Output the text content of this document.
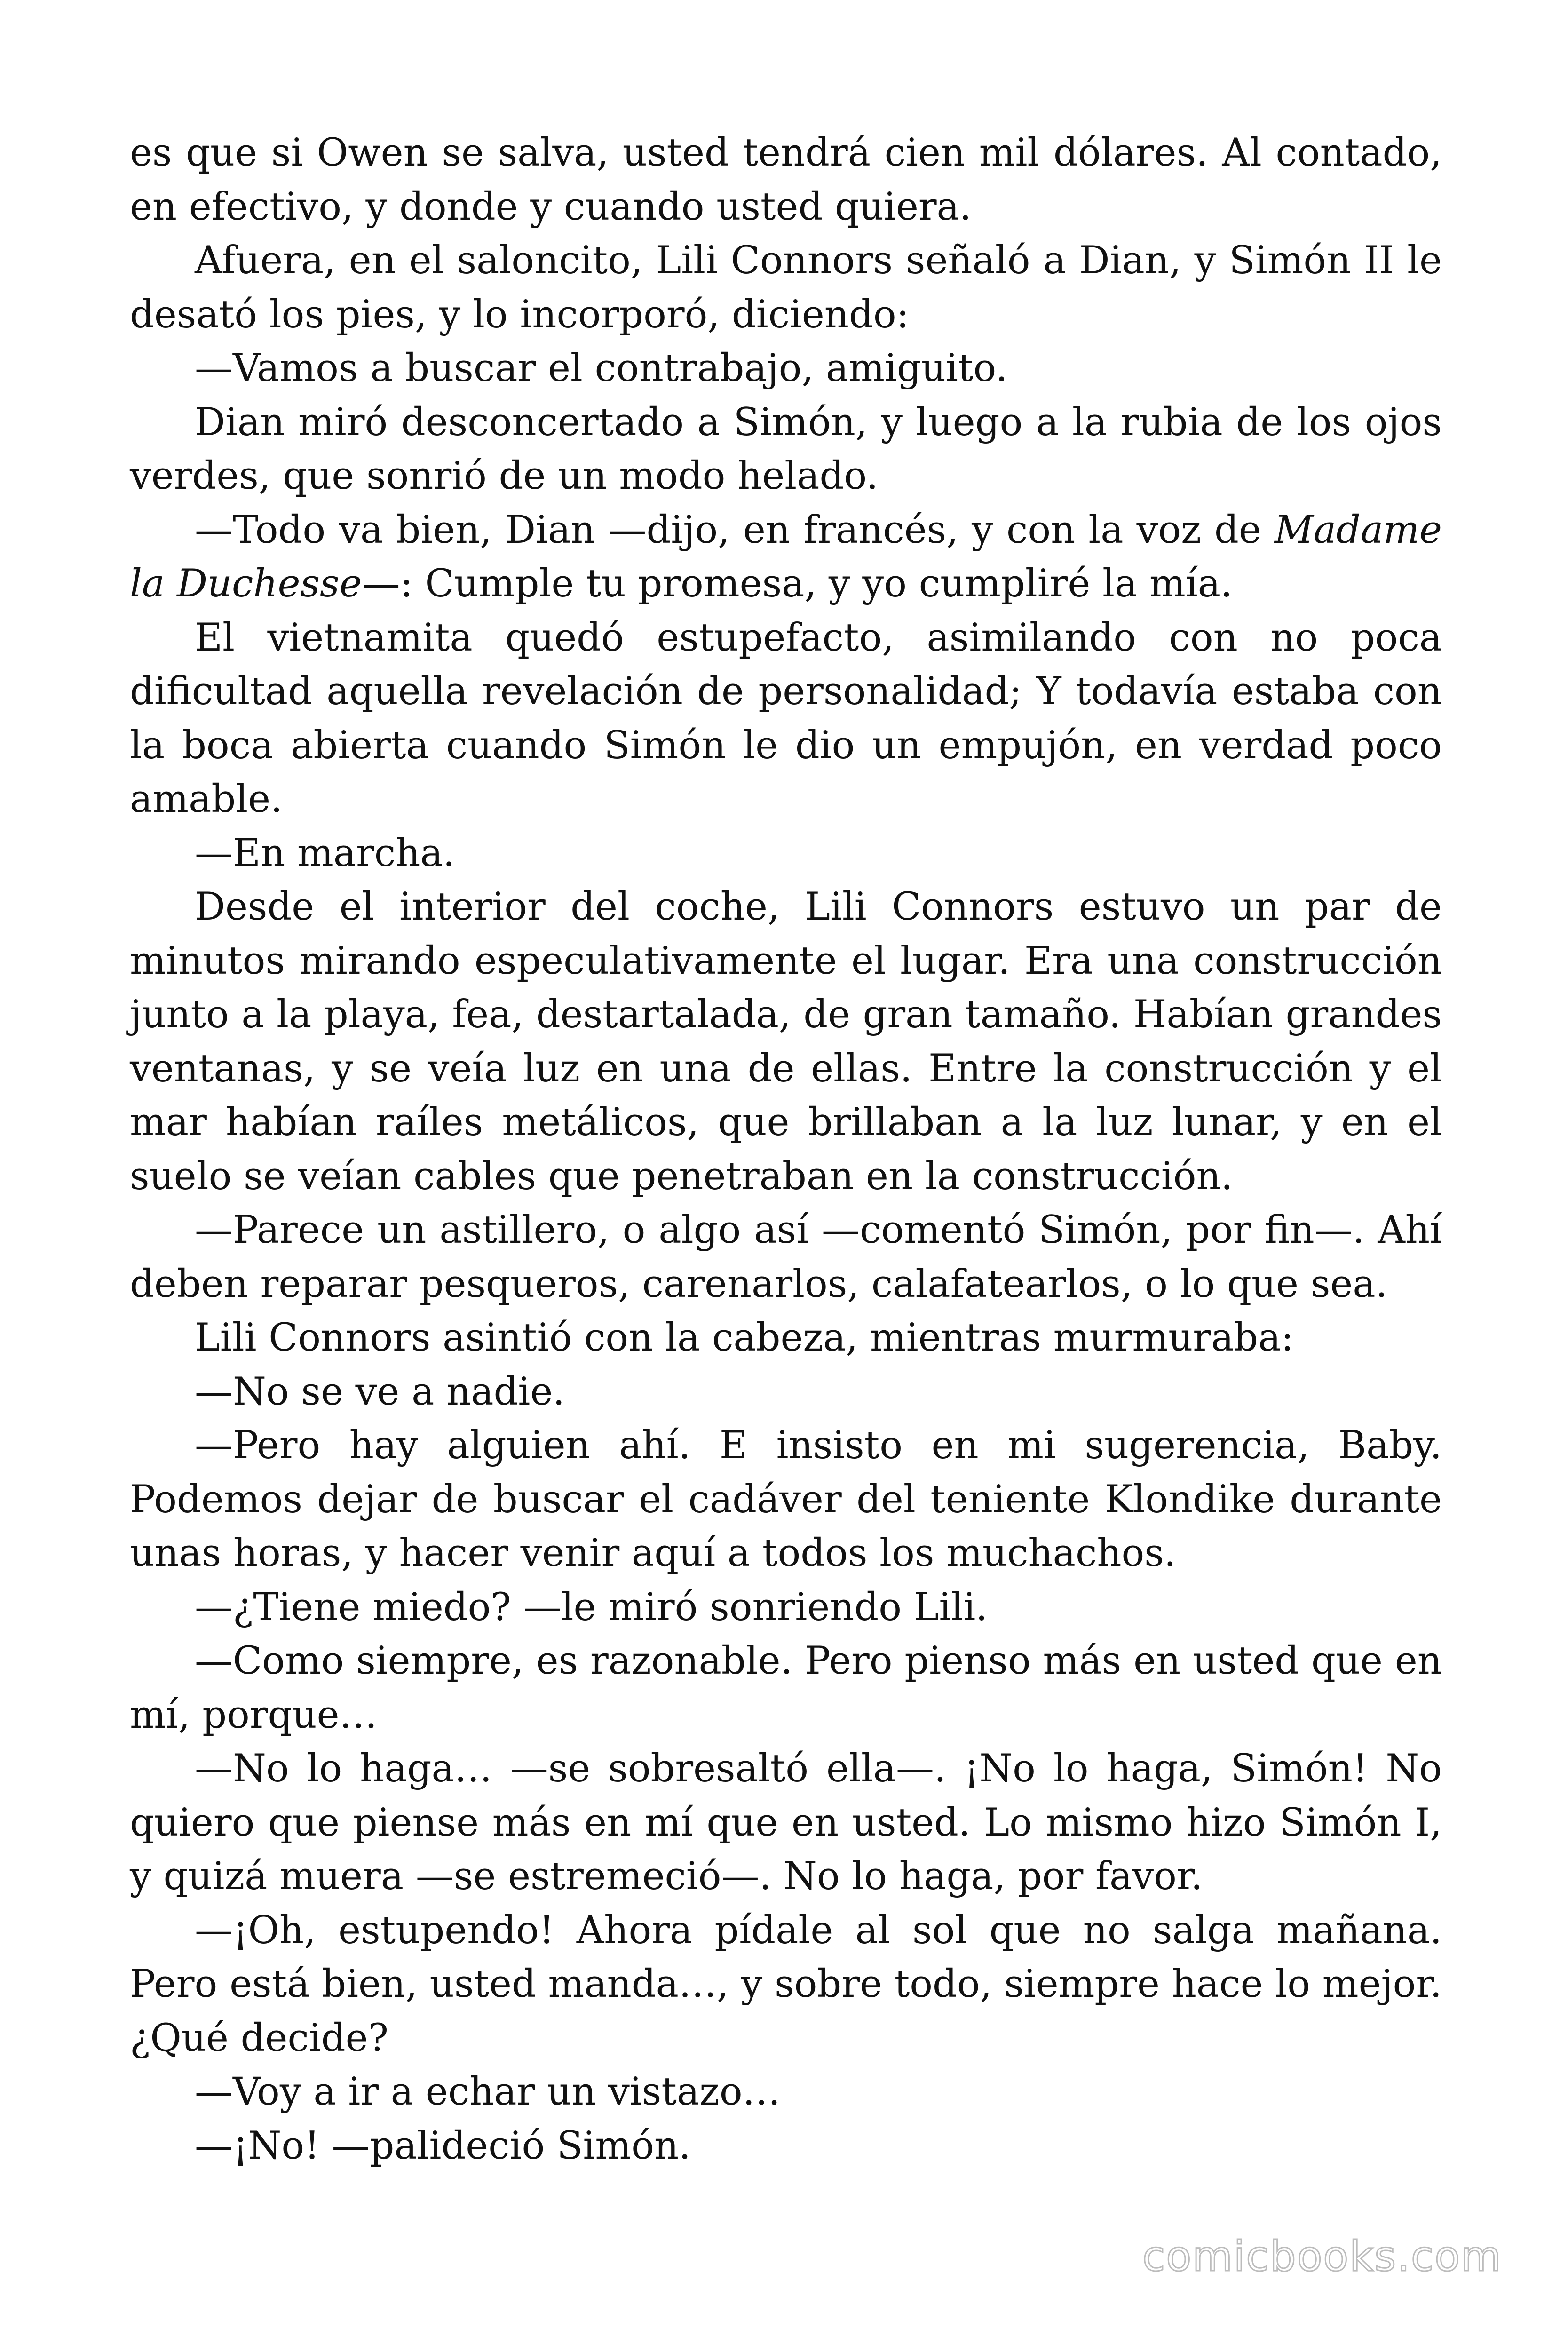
es que si Owen se salva, usted tendrá cien mil dólares. Al contado, en efectivo, y donde y cuando usted quiera.

Afuera, en el saloncito, Lili Connors señaló a Dian, y Simón II le desató los pies, y lo incorporó, diciendo:

—Vamos a buscar el contrabajo, amiguito.

Dian miró desconcertado a Simón, y luego a la rubia de los ojos verdes, que sonrió de un modo helado.

—Todo va bien, Dian —dijo, en francés, y con la voz de Madame la Duchesse—: Cumple tu promesa, y yo cumpliré la mía.

El vietnamita quedó estupefacto, asimilando con no poca dificultad aquella revelación de personalidad; Y todavía estaba con la boca abierta cuando Simón le dio un empujón, en verdad poco amable.

—En marcha.

Desde el interior del coche, Lili Connors estuvo un par de minutos mirando especulativamente el lugar. Era una construcción junto a la playa, fea, destartalada, de gran tamaño. Habían grandes ventanas, y se veía luz en una de ellas. Entre la construcción y el mar habían raíles metálicos, que brillaban a la luz lunar, y en el suelo se veían cables que penetraban en la construcción.

—Parece un astillero, o algo así —comentó Simón, por fin—. Ahí deben reparar pesqueros, carenarlos, calafatearlos, o lo que sea.

Lili Connors asintió con la cabeza, mientras murmuraba:

—No se ve a nadie.

—Pero hay alguien ahí. E insisto en mi sugerencia, Baby. Podemos dejar de buscar el cadáver del teniente Klondike durante unas horas, y hacer venir aquí a todos los muchachos.

—¿Tiene miedo? —le miró sonriendo Lili.

—Como siempre, es razonable. Pero pienso más en usted que en mí, porque…

—No lo haga… —se sobresaltó ella—. ¡No lo haga, Simón! No quiero que piense más en mí que en usted. Lo mismo hizo Simón I, y quizá muera —se estremeció—. No lo haga, por favor.

—¡Oh, estupendo! Ahora pídale al sol que no salga mañana. Pero está bien, usted manda…, y sobre todo, siempre hace lo mejor. ¿Qué decide?

—Voy a ir a echar un vistazo…

—¡No! —palideció Simón.

comicbooks.com
